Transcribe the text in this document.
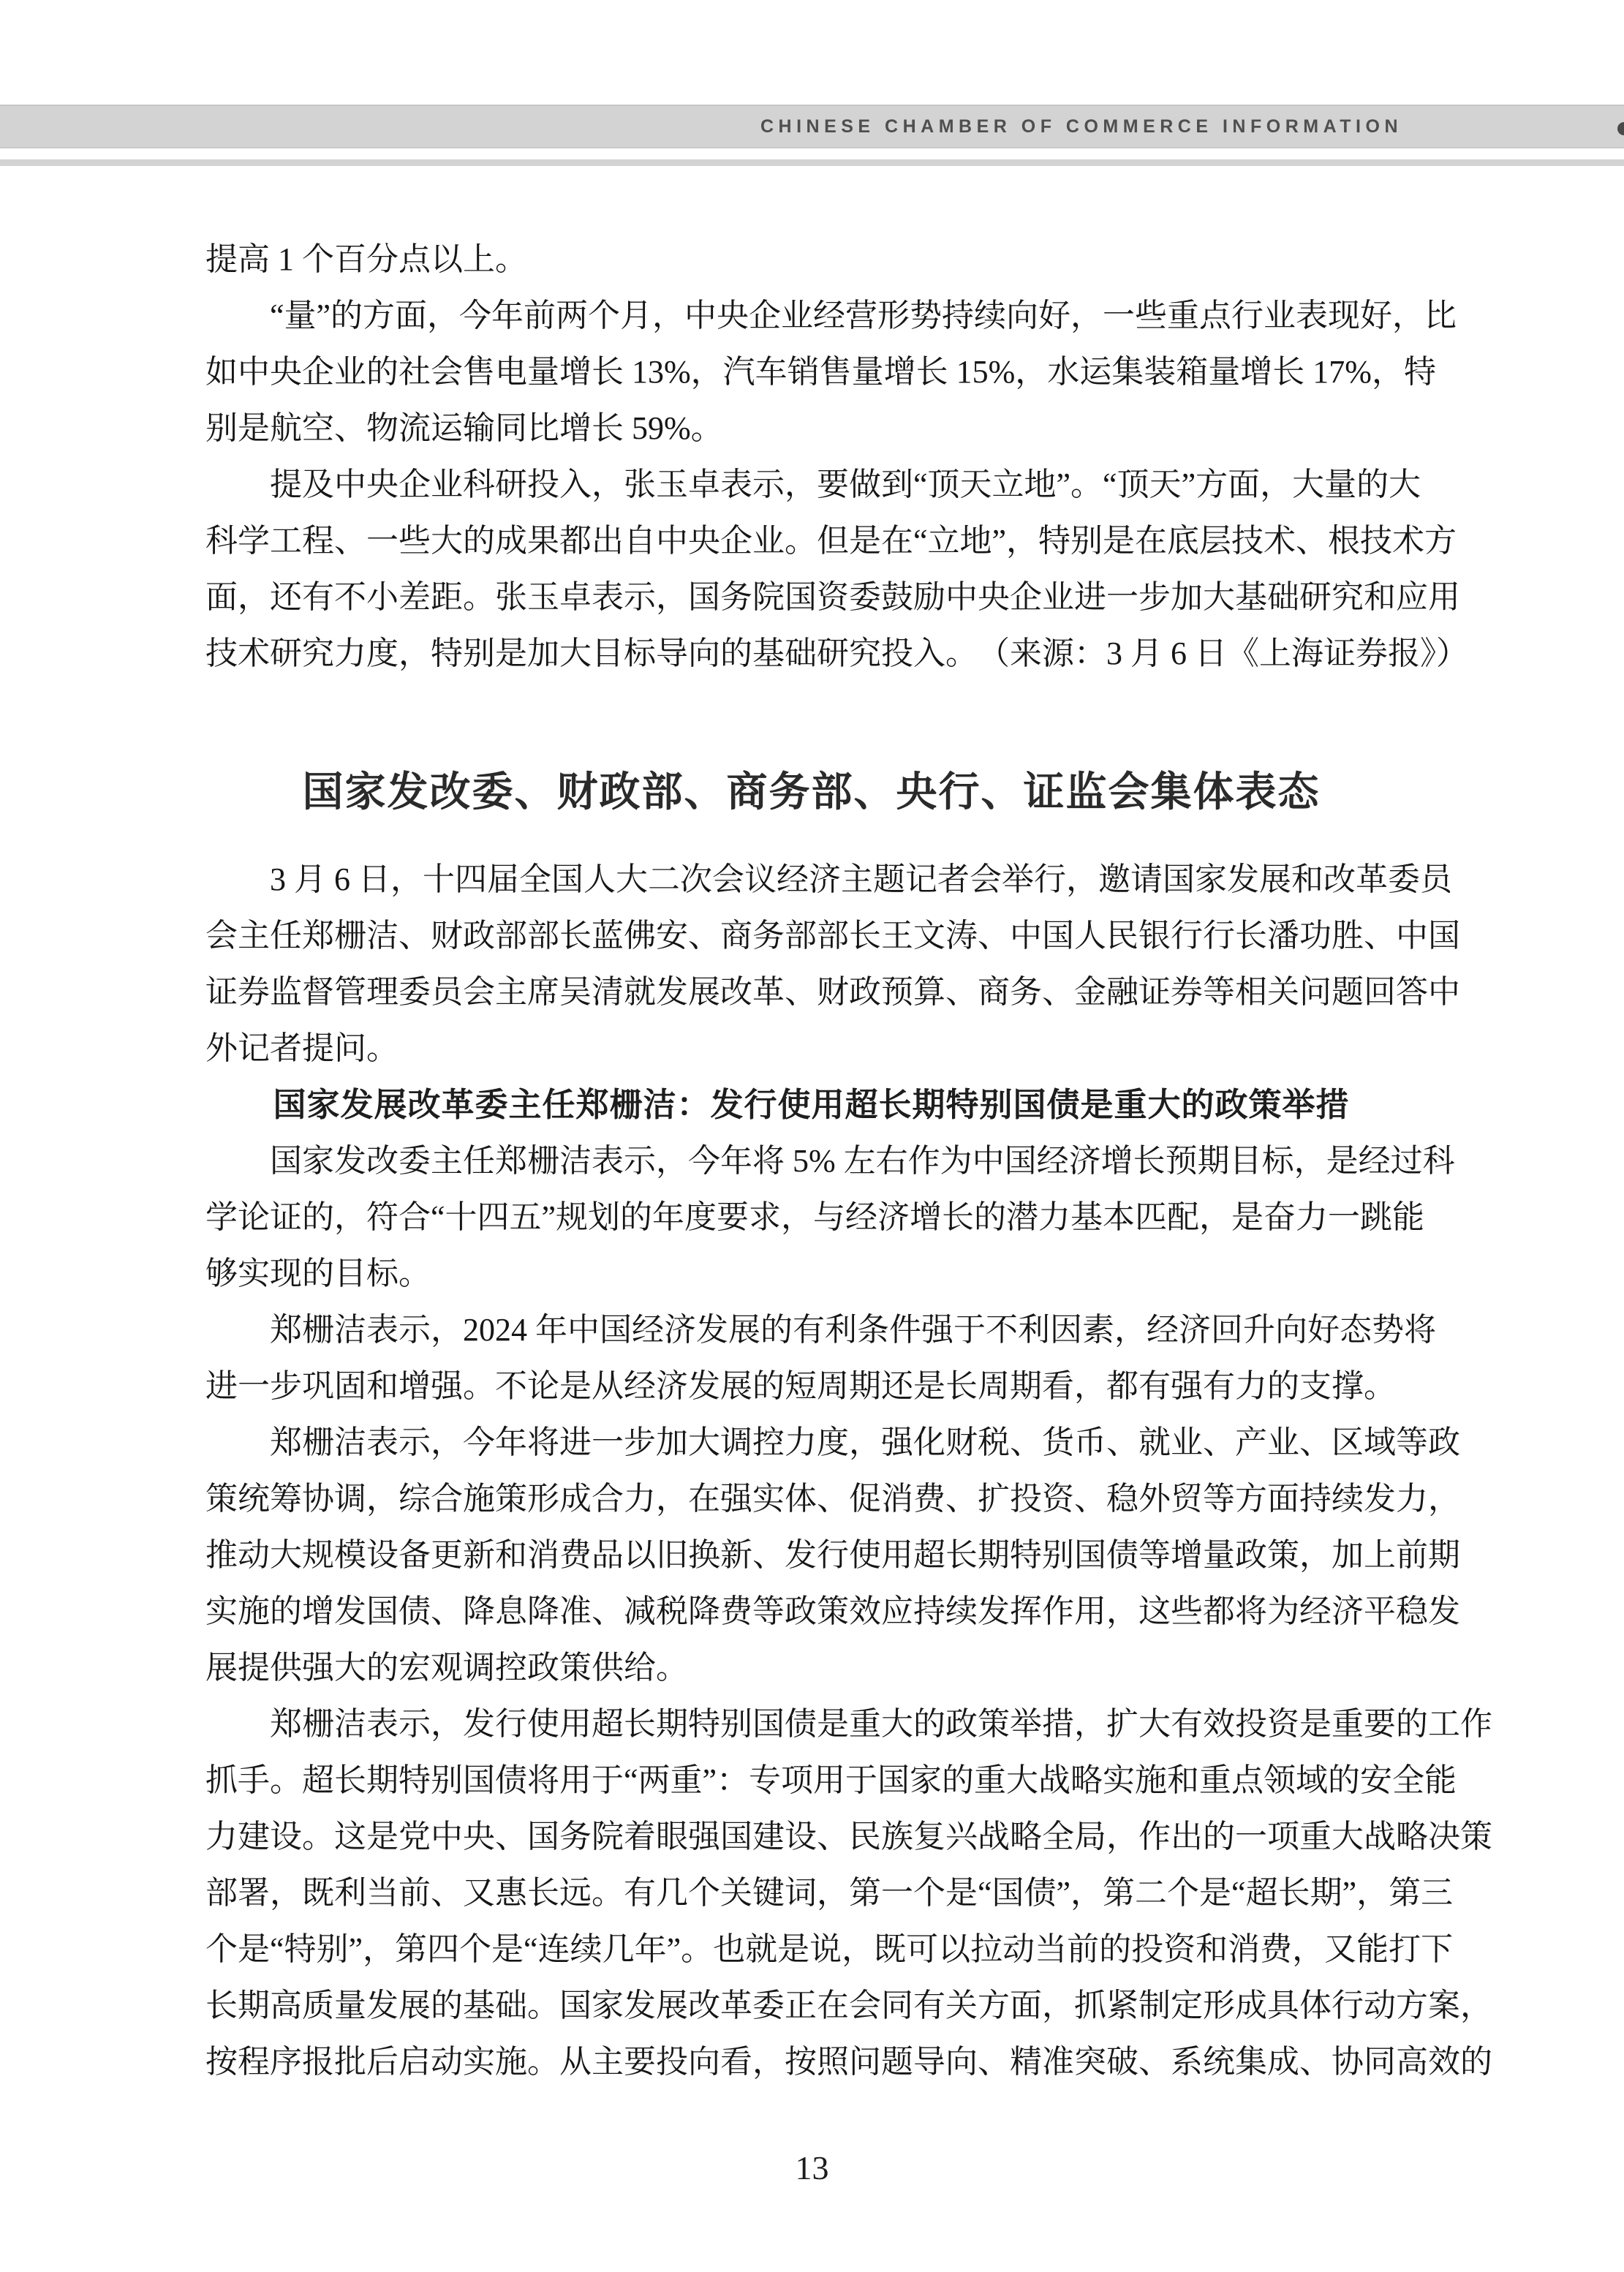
CHINESE CHAMBER OF COMMERCE INFORMATION
提高 1 个百分点以上。
“量”的方面，今年前两个月，中央企业经营形势持续向好，一些重点行业表现好，比
如中央企业的社会售电量增长 13%，汽车销售量增长 15%，水运集装箱量增长 17%，特
别是航空、物流运输同比增长 59%。
提及中央企业科研投入，张玉卓表示，要做到“顶天立地”。“顶天”方面，大量的大
科学工程、一些大的成果都出自中央企业。但是在“立地”，特别是在底层技术、根技术方
面，还有不小差距。张玉卓表示，国务院国资委鼓励中央企业进一步加大基础研究和应用
技术研究力度，特别是加大目标导向的基础研究投入。 （来源：3 月 6 日《上海证券报》）
国家发改委、财政部、商务部、央行、证监会集体表态
3 月 6 日，十四届全国人大二次会议经济主题记者会举行，邀请国家发展和改革委员
会主任郑栅洁、财政部部长蓝佛安、商务部部长王文涛、中国人民银行行长潘功胜、中国
证券监督管理委员会主席吴清就发展改革、财政预算、商务、金融证券等相关问题回答中
外记者提问。
国家发展改革委主任郑栅洁：发行使用超长期特别国债是重大的政策举措
国家发改委主任郑栅洁表示，今年将 5% 左右作为中国经济增长预期目标，是经过科
学论证的，符合“十四五”规划的年度要求，与经济增长的潜力基本匹配，是奋力一跳能
够实现的目标。
郑栅洁表示，2024 年中国经济发展的有利条件强于不利因素，经济回升向好态势将
进一步巩固和增强。不论是从经济发展的短周期还是长周期看，都有强有力的支撑。
郑栅洁表示，今年将进一步加大调控力度，强化财税、货币、就业、产业、区域等政
策统筹协调，综合施策形成合力，在强实体、促消费、扩投资、稳外贸等方面持续发力，
推动大规模设备更新和消费品以旧换新、发行使用超长期特别国债等增量政策，加上前期
实施的增发国债、降息降准、减税降费等政策效应持续发挥作用，这些都将为经济平稳发
展提供强大的宏观调控政策供给。
郑栅洁表示，发行使用超长期特别国债是重大的政策举措，扩大有效投资是重要的工作
抓手。超长期特别国债将用于“两重”：专项用于国家的重大战略实施和重点领域的安全能
力建设。这是党中央、国务院着眼强国建设、民族复兴战略全局，作出的一项重大战略决策
部署，既利当前、又惠长远。有几个关键词，第一个是“国债”，第二个是“超长期”，第三
个是“特别”，第四个是“连续几年”。也就是说，既可以拉动当前的投资和消费，又能打下
长期高质量发展的基础。国家发展改革委正在会同有关方面，抓紧制定形成具体行动方案，
按程序报批后启动实施。从主要投向看，按照问题导向、精准突破、系统集成、协同高效的
13
